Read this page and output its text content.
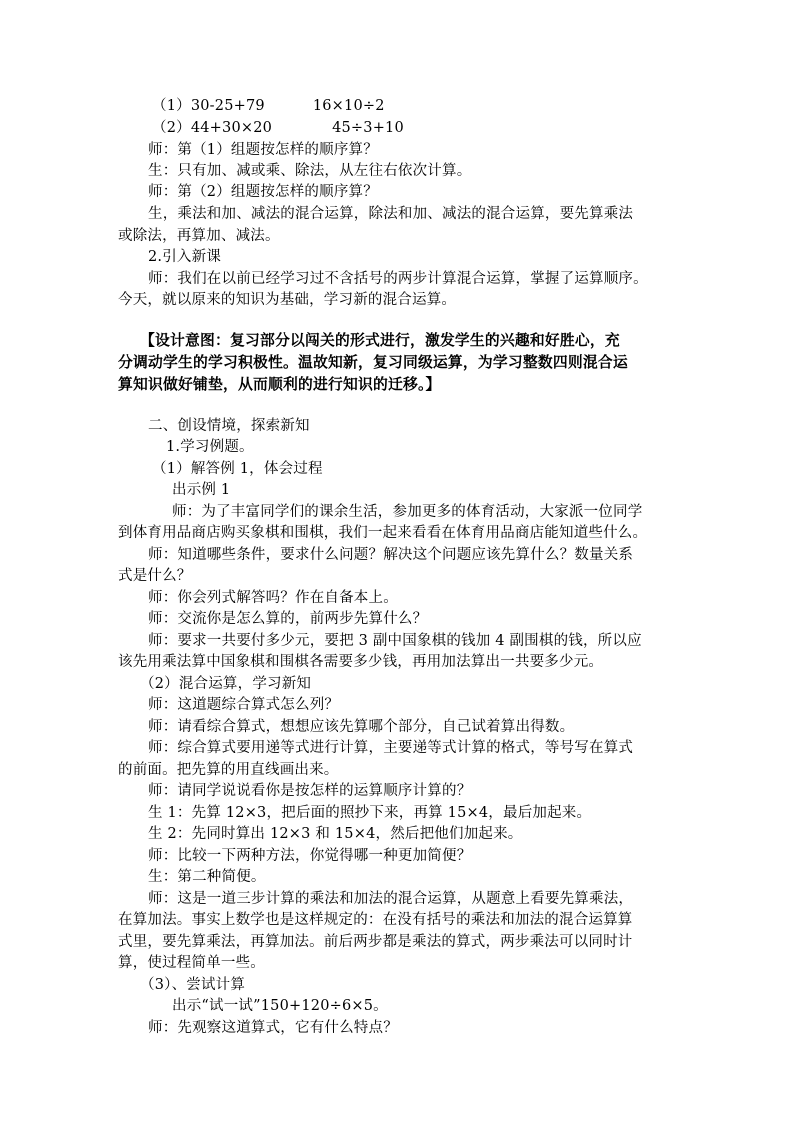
（1）30-25+79	16×10÷2
（2）44+30×20	45÷3+10
师：第（1）组题按怎样的顺序算？
生：只有加、减或乘、除法，从左往右依次计算。
师：第（2）组题按怎样的顺序算？
生，乘法和加、减法的混合运算，除法和加、减法的混合运算，要先算乘法
或除法，再算加、减法。
2.引入新课
师：我们在以前已经学习过不含括号的两步计算混合运算，掌握了运算顺序。
今天，就以原来的知识为基础，学习新的混合运算。
【设计意图：复习部分以闯关的形式进行，激发学生的兴趣和好胜心，充
分调动学生的学习积极性。温故知新，复习同级运算，为学习整数四则混合运
算知识做好铺垫，从而顺利的进行知识的迁移。】
二、创设情境，探索新知
1.学习例题。
（1）解答例 1，体会过程
出示例 1
师：为了丰富同学们的课余生活，参加更多的体育活动，大家派一位同学
到体育用品商店购买象棋和围棋，我们一起来看看在体育用品商店能知道些什么。
师：知道哪些条件，要求什么问题？解决这个问题应该先算什么？数量关系
式是什么？
师：你会列式解答吗？作在自备本上。
师：交流你是怎么算的，前两步先算什么？
师：要求一共要付多少元，要把 3 副中国象棋的钱加 4 副围棋的钱，所以应
该先用乘法算中国象棋和围棋各需要多少钱，再用加法算出一共要多少元。
（2）混合运算，学习新知
师：这道题综合算式怎么列？
师：请看综合算式，想想应该先算哪个部分，自己试着算出得数。
师：综合算式要用递等式进行计算，主要递等式计算的格式，等号写在算式
的前面。把先算的用直线画出来。
师：请同学说说看你是按怎样的运算顺序计算的？
生 1：先算 12×3，把后面的照抄下来，再算 15×4，最后加起来。
生 2：先同时算出 12×3 和 15×4，然后把他们加起来。
师：比较一下两种方法，你觉得哪一种更加简便？
生：第二种简便。
师：这是一道三步计算的乘法和加法的混合运算，从题意上看要先算乘法，
在算加法。事实上数学也是这样规定的：在没有括号的乘法和加法的混合运算算
式里，要先算乘法，再算加法。前后两步都是乘法的算式，两步乘法可以同时计
算，使过程简单一些。
（3）、尝试计算
出示“试一试”150+120÷6×5。
师：先观察这道算式，它有什么特点？
